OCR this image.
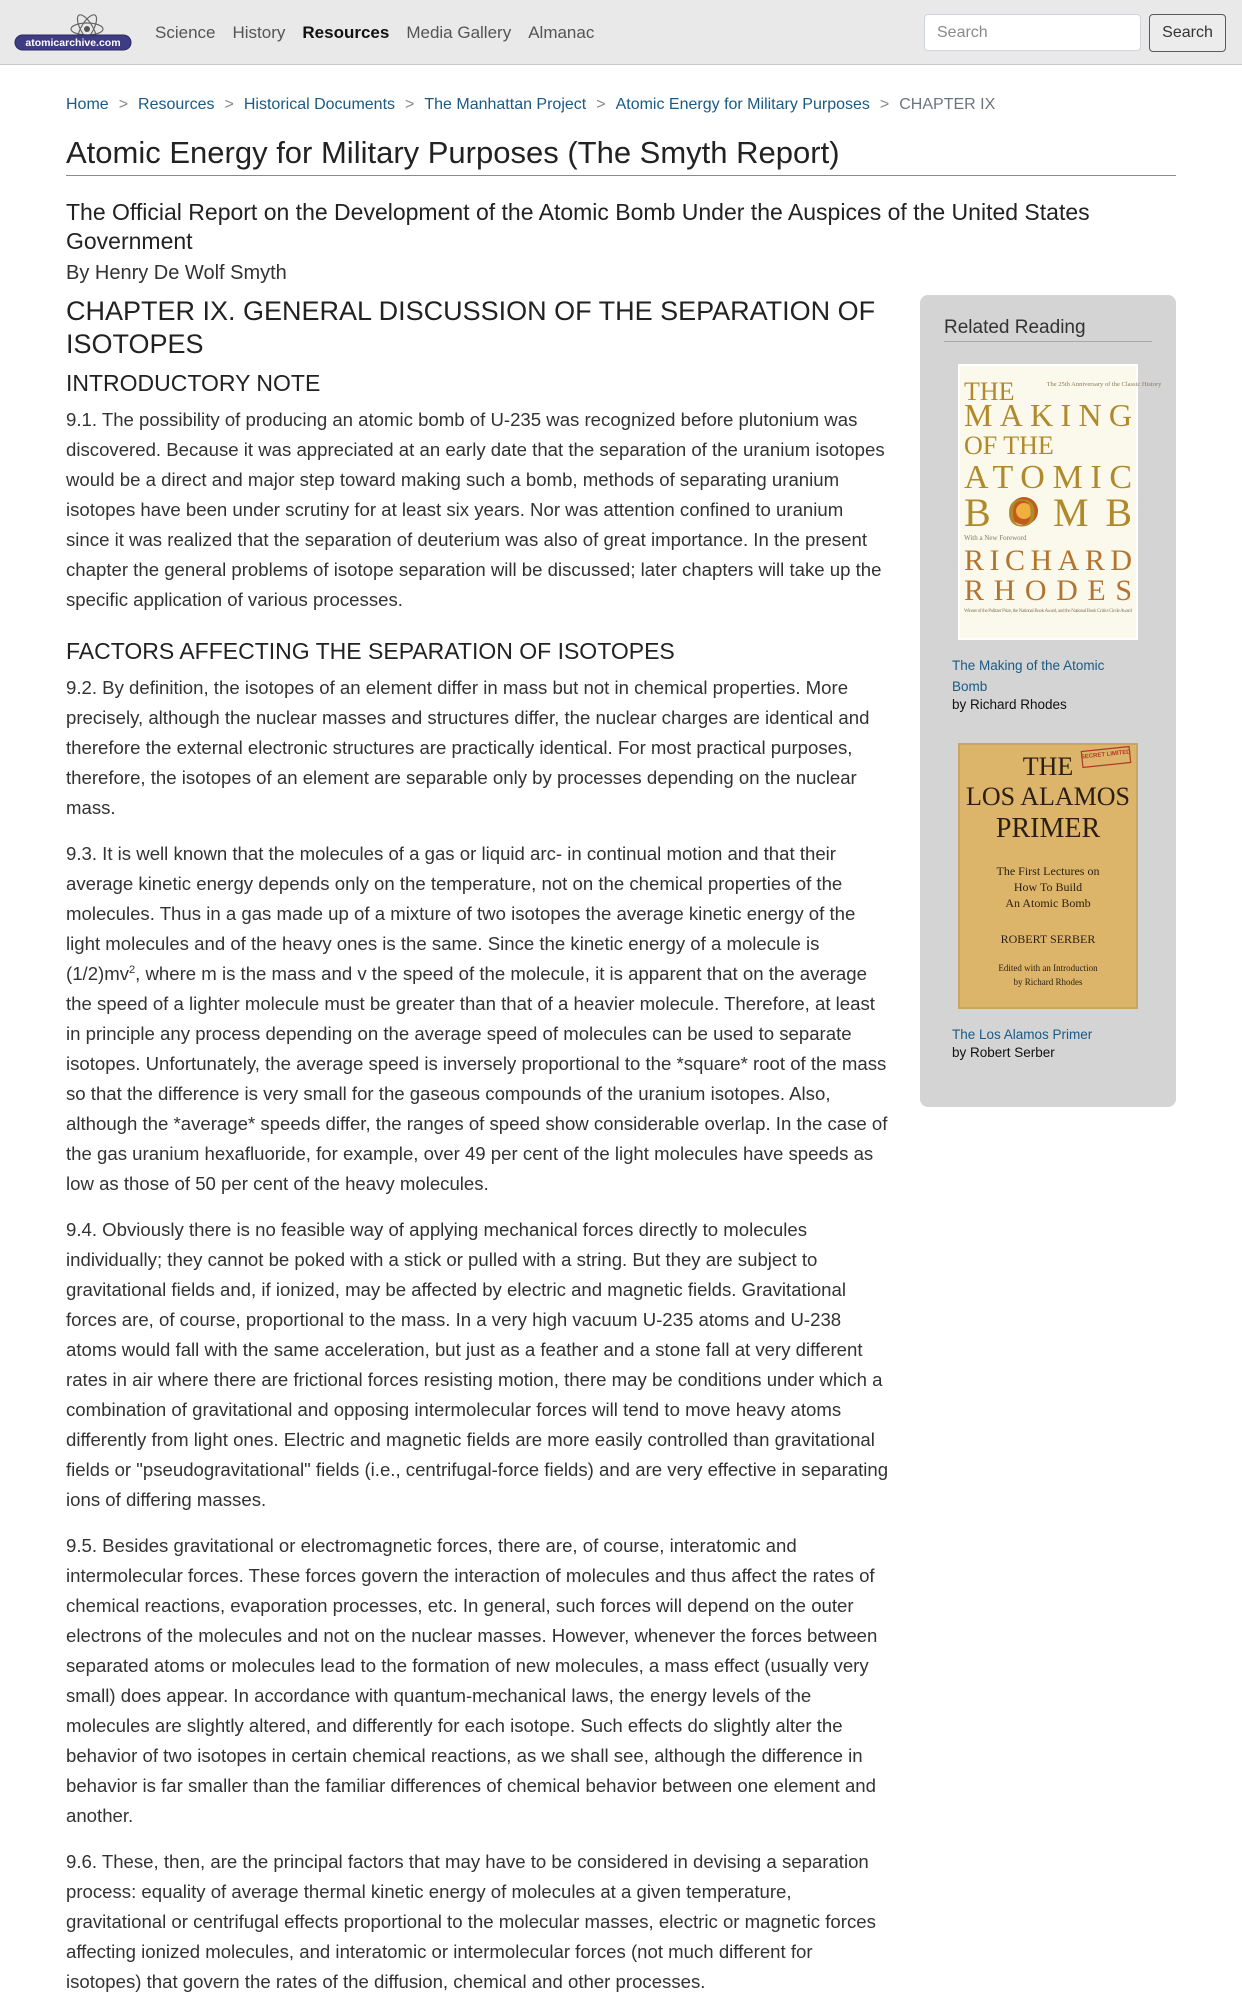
atomicarchive.com
Science History Resources Media Gallery Almanac
Search	Search
Home > Resources > Historical Documents > The Manhattan Project > Atomic Energy for Military Purposes > CHAPTER IX
Atomic Energy for Military Purposes (The Smyth Report)
The Official Report on the Development of the Atomic Bomb Under the Auspices of the United States Government
By Henry De Wolf Smyth
CHAPTER IX. GENERAL DISCUSSION OF THE SEPARATION OF ISOTOPES
INTRODUCTORY NOTE

9.1. The possibility of producing an atomic bomb of U-235 was recognized before plutonium was discovered. Because it was appreciated at an early date that the separation of the uranium isotopes would be a direct and major step toward making such a bomb, methods of separating uranium isotopes have been under scrutiny for at least six years. Nor was attention confined to uranium since it was realized that the separation of deuterium was also of great importance. In the present chapter the general problems of isotope separation will be discussed; later chapters will take up the specific application of various processes.

FACTORS AFFECTING THE SEPARATION OF ISOTOPES

9.2. By definition, the isotopes of an element differ in mass but not in chemical properties. More precisely, although the nuclear masses and structures differ, the nuclear charges are identical and therefore the external electronic structures are practically identical. For most practical purposes, therefore, the isotopes of an element are separable only by processes depending on the nuclear mass.

9.3. It is well known that the molecules of a gas or liquid arc- in continual motion and that their average kinetic energy depends only on the temperature, not on the chemical properties of the molecules. Thus in a gas made up of a mixture of two isotopes the average kinetic energy of the light molecules and of the heavy ones is the same. Since the kinetic energy of a molecule is $(1/2)mv^2$, where m is the mass and v the speed of the molecule, it is apparent that on the average the speed of a lighter molecule must be greater than that of a heavier molecule. Therefore, at least in principle any process depending on the average speed of molecules can be used to separate isotopes. Unfortunately, the average speed is inversely proportional to the *square* root of the mass so that the difference is very small for the gaseous compounds of the uranium isotopes. Also, although the *average* speeds differ, the ranges of speed show considerable overlap. In the case of the gas uranium hexafluoride, for example, over 49 per cent of the light molecules have speeds as low as those of 50 per cent of the heavy molecules.

9.4. Obviously there is no feasible way of applying mechanical forces directly to molecules individually; they cannot be poked with a stick or pulled with a string. But they are subject to gravitational fields and, if ionized, may be affected by electric and magnetic fields. Gravitational forces are, of course, proportional to the mass. In a very high vacuum U-235 atoms and U-238 atoms would fall with the same acceleration, but just as a feather and a stone fall at very different rates in air where there are frictional forces resisting motion, there may be conditions under which a combination of gravitational and opposing intermolecular forces will tend to move heavy atoms differently from light ones. Electric and magnetic fields are more easily controlled than gravitational fields or "pseudogravitational" fields (i.e., centrifugal-force fields) and are very effective in separating ions of differing masses.

9.5. Besides gravitational or electromagnetic forces, there are, of course, interatomic and intermolecular forces. These forces govern the interaction of molecules and thus affect the rates of chemical reactions, evaporation processes, etc. In general, such forces will depend on the outer electrons of the molecules and not on the nuclear masses. However, whenever the forces between separated atoms or molecules lead to the formation of new molecules, a mass effect (usually very small) does appear. In accordance with quantum-mechanical laws, the energy levels of the molecules are slightly altered, and differently for each isotope. Such effects do slightly alter the behavior of two isotopes in certain chemical reactions, as we shall see, although the difference in behavior is far smaller than the familiar differences of chemical behavior between one element and another.

9.6. These, then, are the principal factors that may have to be considered in devising a separation process: equality of average thermal kinetic energy of molecules at a given temperature, gravitational or centrifugal effects proportional to the molecular masses, electric or magnetic forces affecting ionized molecules, and interatomic or intermolecular forces (not much different for isotopes) that govern the rates of the diffusion, chemical and other processes.

Related Reading
The 25th Anniversary of the Classic History
THE
MAKING
OF THE
ATOMIC
BOMB
With a New Foreword
RICHARD
RHODES
Winner of the Pulitzer Prize, the National Book Award, and the National Book Critics Circle Award
The Making of the Atomic Bomb
by Richard Rhodes
SECRET LIMITED
THE
LOS ALAMOS
PRIMER
The First Lectures on
How To Build
An Atomic Bomb
ROBERT SERBER
Edited with an Introduction
by Richard Rhodes
The Los Alamos Primer
by Robert Serber
